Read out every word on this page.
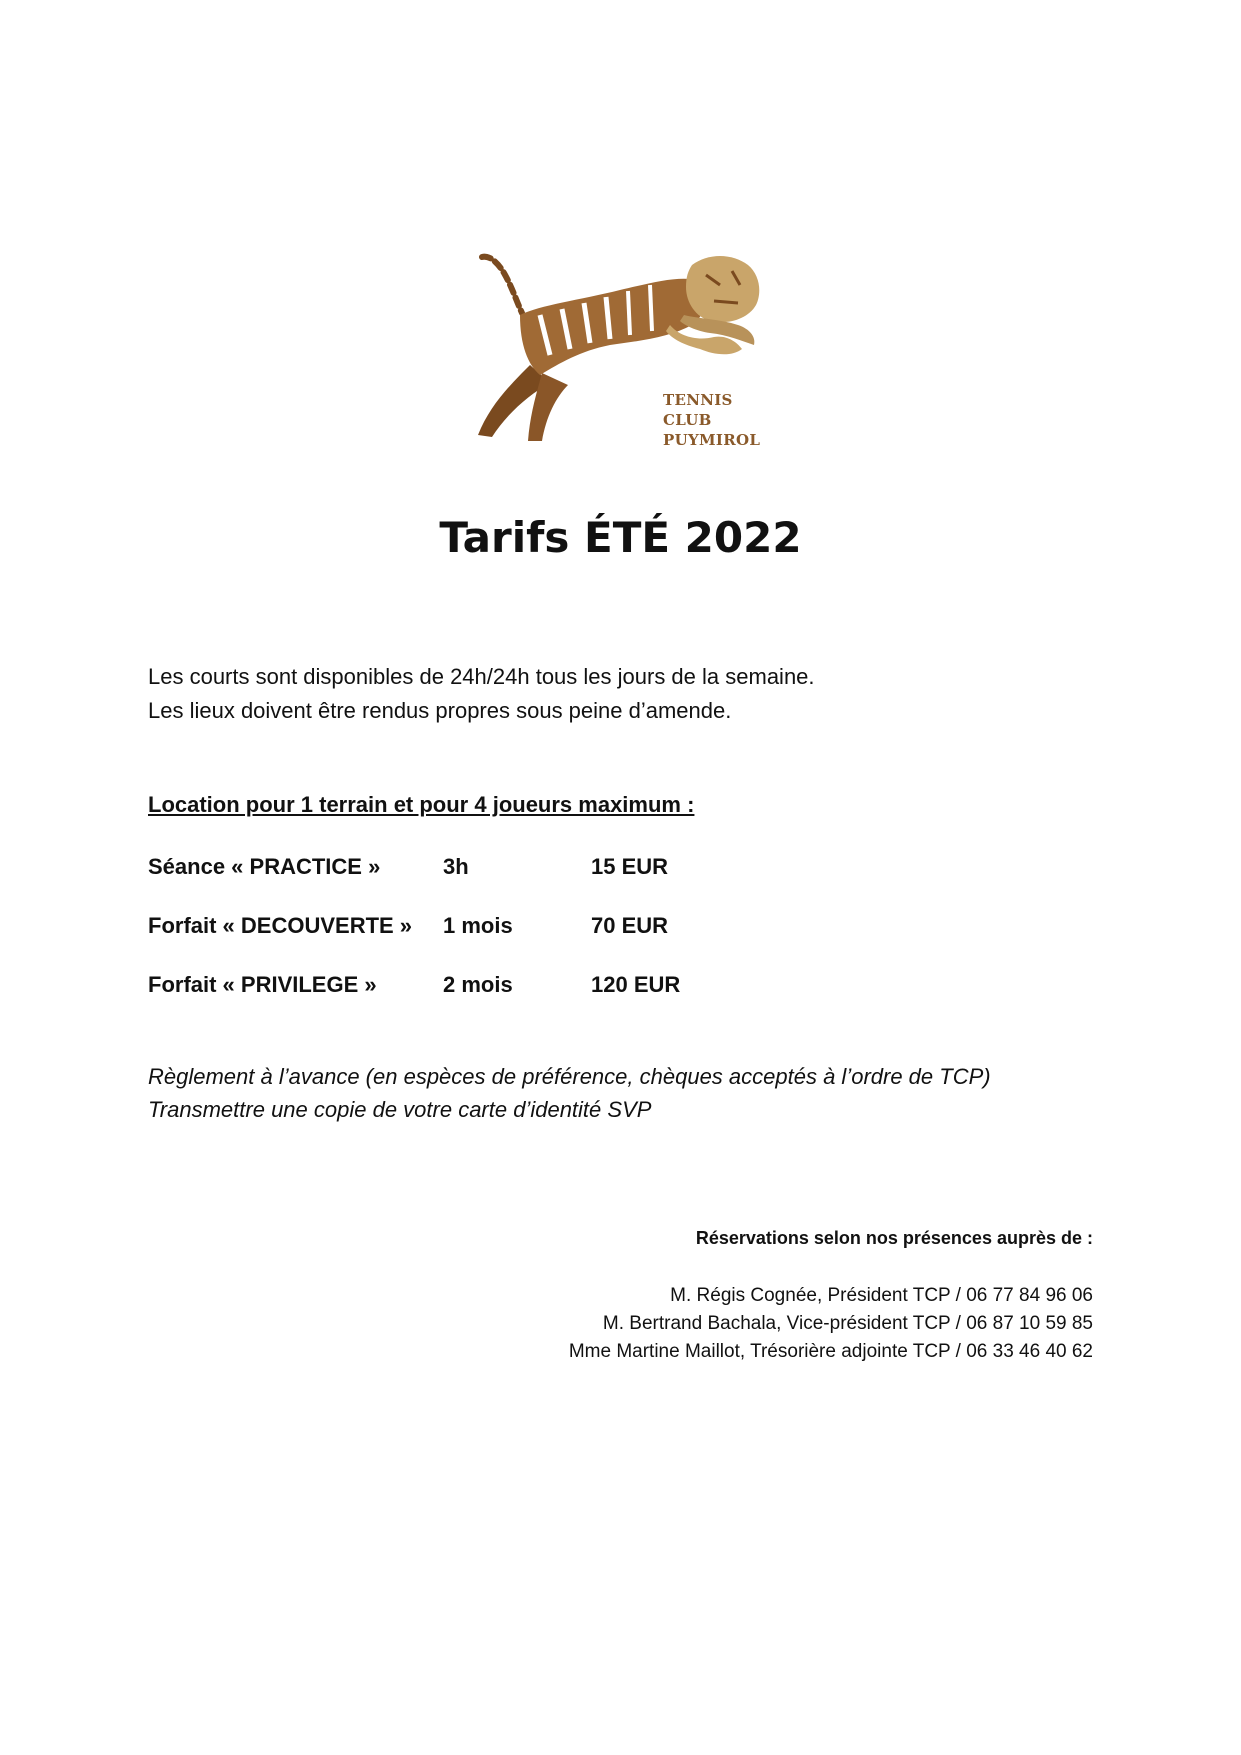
TENNIS
CLUB
PUYMIROL
Tarifs ÉTÉ 2022
Les courts sont disponibles de 24h/24h tous les jours de la semaine.
Les lieux doivent être rendus propres sous peine d’amende.
Location pour 1 terrain et pour 4 joueurs maximum :
Séance « PRACTICE »	3h	15 EUR
Forfait « DECOUVERTE » 1 mois	70 EUR
Forfait « PRIVILEGE »	2 mois	120 EUR
Règlement à l’avance (en espèces de préférence, chèques acceptés à l’ordre de TCP)
Transmettre une copie de votre carte d’identité SVP
Réservations selon nos présences auprès de :
M. Régis Cognée, Président TCP / 06 77 84 96 06
M. Bertrand Bachala, Vice-président TCP / 06 87 10 59 85
Mme Martine Maillot, Trésorière adjointe TCP / 06 33 46 40 62
